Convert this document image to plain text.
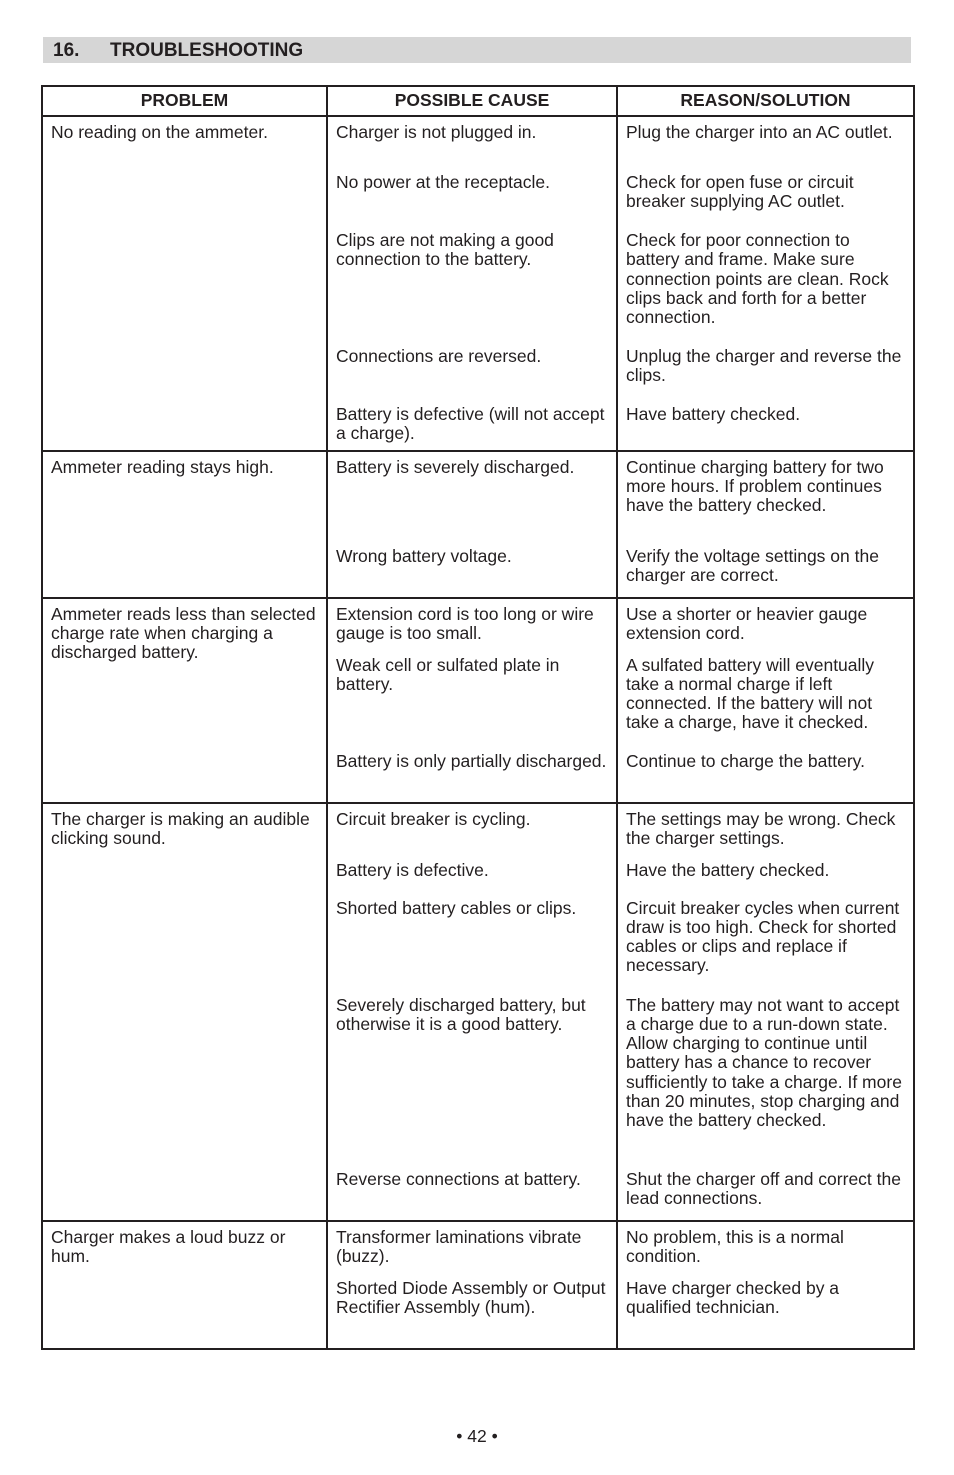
16. TROUBLESHOOTING
PROBLEM	POSSIBLE CAUSE	REASON/SOLUTION
No reading on the ammeter.	Charger is not plugged in.	Plug the charger into an AC outlet.
	No power at the receptacle.	Check for open fuse or circuit breaker supplying AC outlet.
	Clips are not making a good connection to the battery.	Check for poor connection to battery and frame. Make sure connection points are clean. Rock clips back and forth for a better connection.
	Connections are reversed.	Unplug the charger and reverse the clips.
	Battery is defective (will not accept a charge).	Have battery checked.
Ammeter reading stays high.	Battery is severely discharged.	Continue charging battery for two more hours. If problem continues have the battery checked.
	Wrong battery voltage.	Verify the voltage settings on the charger are correct.
Ammeter reads less than selected charge rate when charging a discharged battery.	Extension cord is too long or wire gauge is too small.	Use a shorter or heavier gauge extension cord.
	Weak cell or sulfated plate in battery.	A sulfated battery will eventually take a normal charge if left connected. If the battery will not take a charge, have it checked.
	Battery is only partially discharged.	Continue to charge the battery.
The charger is making an audible clicking sound.	Circuit breaker is cycling.	The settings may be wrong. Check the charger settings.
	Battery is defective.	Have the battery checked.
	Shorted battery cables or clips.	Circuit breaker cycles when current draw is too high. Check for shorted cables or clips and replace if necessary.
	Severely discharged battery, but otherwise it is a good battery.	The battery may not want to accept a charge due to a run-down state. Allow charging to continue until battery has a chance to recover sufficiently to take a charge. If more than 20 minutes, stop charging and have the battery checked.
	Reverse connections at battery.	Shut the charger off and correct the lead connections.
Charger makes a loud buzz or hum.	Transformer laminations vibrate (buzz).	No problem, this is a normal condition.
	Shorted Diode Assembly or Output Rectifier Assembly (hum).	Have charger checked by a qualified technician.
• 42 •
